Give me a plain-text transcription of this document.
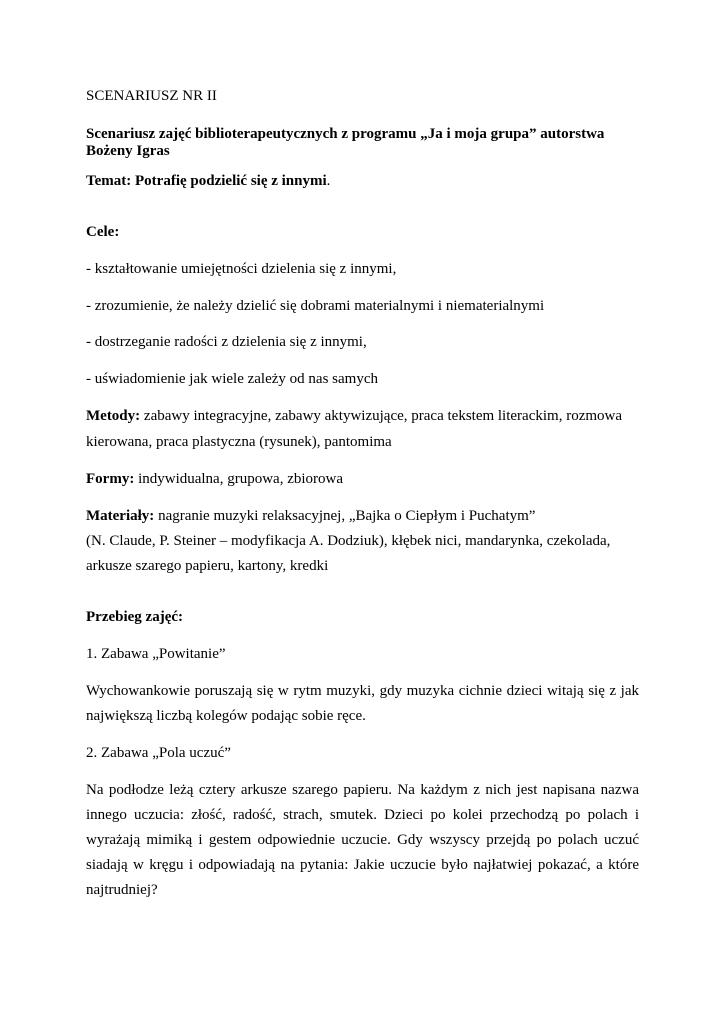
SCENARIUSZ NR II
Scenariusz zajęć biblioterapeutycznych z programu „Ja i moja grupa” autorstwa
Bożeny Igras
Temat: Potrafię podzielić się z innymi.
Cele:
- kształtowanie umiejętności dzielenia się z innymi,
- zrozumienie, że należy dzielić się dobrami materialnymi i niematerialnymi
- dostrzeganie radości z dzielenia się z innymi,
- uświadomienie jak wiele zależy od nas samych
Metody: zabawy integracyjne, zabawy aktywizujące, praca tekstem literackim, rozmowa
kierowana, praca plastyczna (rysunek), pantomima
Formy: indywidualna, grupowa, zbiorowa
Materiały: nagranie muzyki relaksacyjnej, „Bajka o Ciepłym i Puchatym”
(N. Claude, P. Steiner – modyfikacja A. Dodziuk), kłębek nici, mandarynka, czekolada,
arkusze szarego papieru, kartony, kredki
Przebieg zajęć:
1. Zabawa „Powitanie”
Wychowankowie poruszają się w rytm muzyki, gdy muzyka cichnie dzieci witają się z jak
największą liczbą kolegów podając sobie ręce.
2. Zabawa „Pola uczuć”
Na podłodze leżą cztery arkusze szarego papieru. Na każdym z nich jest napisana nazwa
innego uczucia: złość, radość, strach, smutek. Dzieci po kolei przechodzą po polach i
wyrażają mimiką i gestem odpowiednie uczucie. Gdy wszyscy przejdą po polach uczuć
siadają w kręgu i odpowiadają na pytania: Jakie uczucie było najłatwiej pokazać, a które
najtrudniej?
